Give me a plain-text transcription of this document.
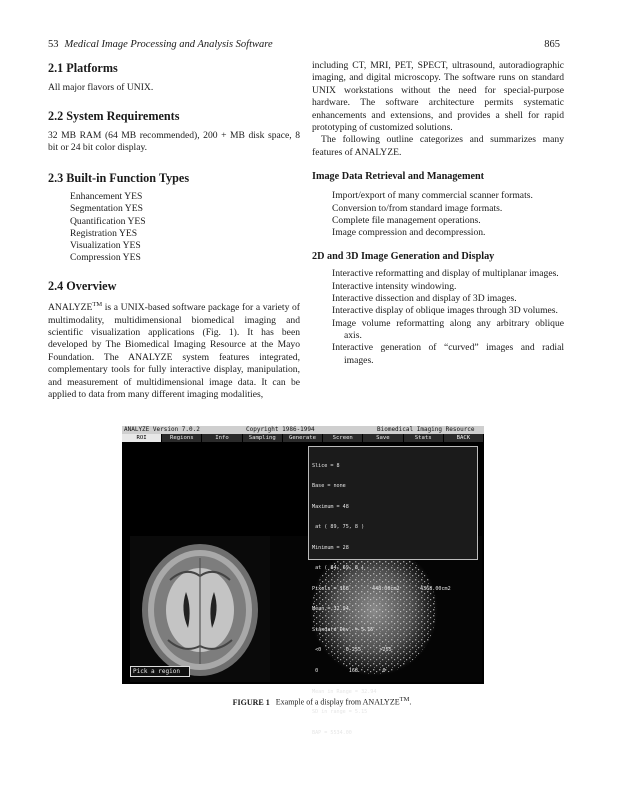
53 Medical Image Processing and Analysis Software	865
2.1 Platforms

All major flavors of UNIX.

2.2 System Requirements

32 MB RAM (64 MB recommended), 200 + MB disk space, 8 bit or 24 bit color display.

2.3 Built-in Function Types
Enhancement YES
Segmentation YES
Quantification YES
Registration YES
Visualization YES
Compression YES
2.4 Overview

ANALYZE™ is a UNIX-based software package for a variety of multimodality, multidimensional biomedical imaging and scientific visualization applications (Fig. 1). It has been developed by The Biomedical Imaging Resource at the Mayo Foundation. The ANALYZE system features integrated, complementary tools for fully interactive display, manipulation, and measurement of multidimensional image data. It can be applied to data from many different imaging modalities,

including CT, MRI, PET, SPECT, ultrasound, autoradiographic imaging, and digital microscopy. The software runs on standard UNIX workstations without the need for special-purpose hardware. The software architecture permits systematic enhancements and extensions, and provides a shell for rapid prototyping of customized solutions.

The following outline categorizes and summarizes many features of ANALYZE.

Image Data Retrieval and Management
Import/export of many commercial scanner formats.
Conversion to/from standard image formats.
Complete file management operations.
Image compression and decompression.
2D and 3D Image Generation and Display
Interactive reformatting and display of multiplanar images.
Interactive intensity windowing.
Interactive dissection and display of 3D images.
Interactive display of oblique images through 3D volumes.
Image volume reformatting along any arbitrary oblique axis.
Interactive generation of “curved” images and radial images.
ANALYZE Version 7.0.2	Copyright 1986-1994	Biomedical Imaging Resource
ROI	Regions	Info	Sampling	Generate	Screen	Save	Stats	BACK

Slice = 8

Base = none

Maximum = 48

at ( 89, 75, 8 )

Minimum = 28

at ( 84, 69, 8 )

Pixels = 168	448.00cm2	4368.00cm2

Mean = 32.94

Standard Dev. = 5.15

<0        0-255      >255

0          168        0

Mean in Range = 32.94

SD in range = 5.15

BAP = 5534.00

Pick a region
FIGURE 1 Example of a display from ANALYZE™.
